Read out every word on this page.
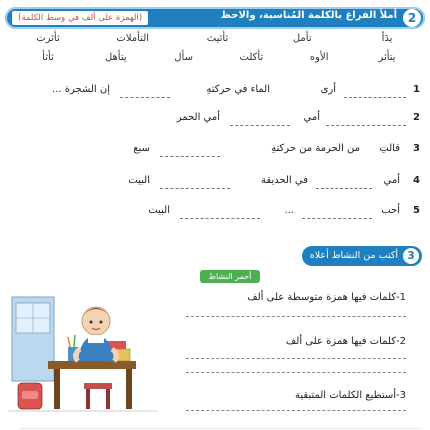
2
أملأ الفراغ بالكلمة المُناسبة، والاحظ
(الهمزة على ألف في وسط الكلمة)
يدَأ
تأمل
ثأثيث
التأملات
ثأثرت
يتأثر
الأوه
تأكلت
سأل
يتأهل
ثأثأ
1
أرى
الماء في حركتهِ
إن الشجرة ...
2
أمي
أمي الحمر
3
قالتِ
من الحرمة من حركتهِ
سبع
4
أمي
في الحديقة
البيت
5
أحب
...
البيت
3
أكتب من النشاط أعلاه
أحمر النشاط
1-كلمات فيها همزة متوسطة على ألف
2-كلمات فيها همزة على ألف
3-أستطيع الكلمات المتبقية
